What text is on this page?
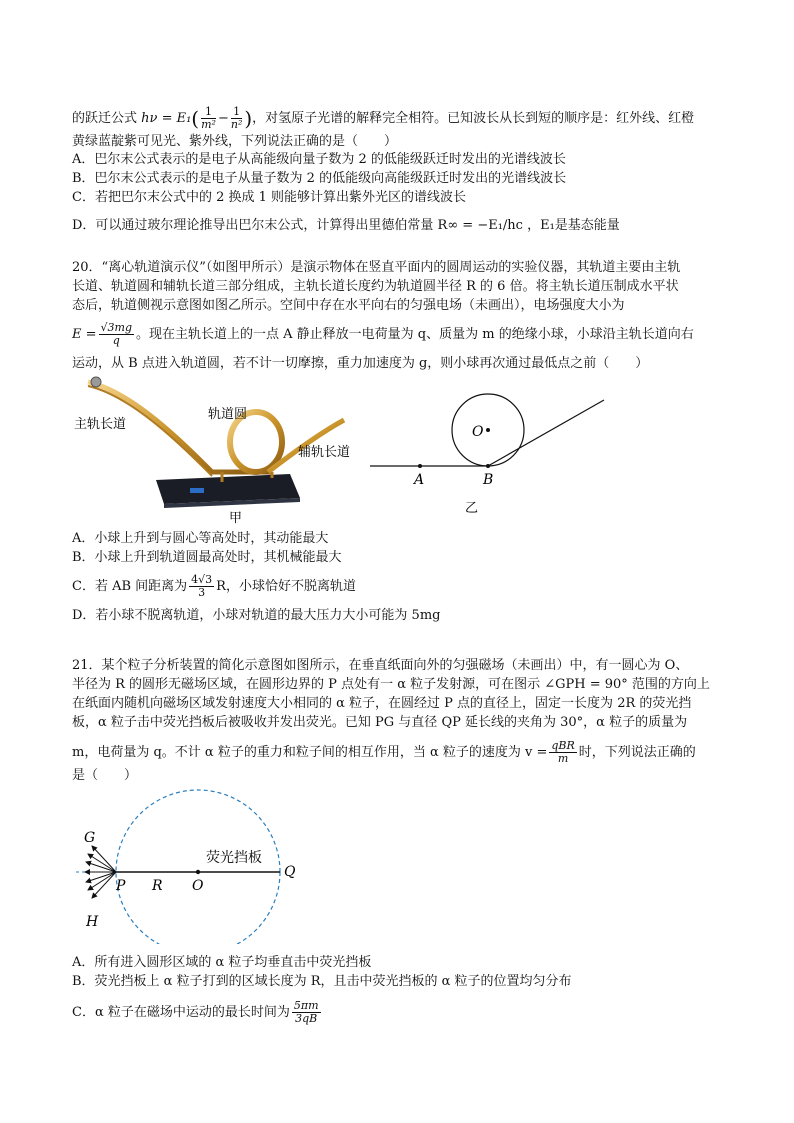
的跃迁公式 $h\nu = E_1( \frac{1}{\text{m²}} - \frac{1}{\text{n²}}$ )，对氢原子光谱的解释完全相符。已知波长从长到短的顺序是：红外线、红橙
黄绿蓝靛紫可见光、紫外线，下列说法正确的是（　　）
A．巴尔末公式表示的是电子从高能级向量子数为 2 的低能级跃迁时发出的光谱线波长
B．巴尔末公式表示的是电子从量子数为 2 的低能级向高能级跃迁时发出的光谱线波长
C．若把巴尔末公式中的 2 换成 1 则能够计算出紫外光区的谱线波长
D．可以通过玻尔理论推导出巴尔末公式，计算得出里德伯常量 R∞ = −E₁/hc ，E₁是基态能量
20．“离心轨道演示仪”（如图甲所示）是演示物体在竖直平面内的圆周运动的实验仪器，其轨道主要由主轨
长道、轨道圆和辅轨长道三部分组成，主轨长道长度约为轨道圆半径 R 的 6 倍。将主轨长道压制成水平状
态后，轨道侧视示意图如图乙所示。空间中存在水平向右的匀强电场（未画出），电场强度大小为
$E = \frac{√3mg}{q}$ 。现在主轨长道上的一点 A 静止释放一电荷量为 q、质量为 m 的绝缘小球，小球沿主轨长道向右
运动，从 B 点进入轨道圆，若不计一切摩擦，重力加速度为 g，则小球再次通过最低点之前（　　）
主轨长道
轨道圆
辅轨长道
甲
O
A	B
乙
A．小球上升到与圆心等高处时，其动能最大
B．小球上升到轨道圆最高处时，其机械能最大
C．若 AB 间距离为 $\frac{4√3}{3}$ R，小球恰好不脱离轨道
D．若小球不脱离轨道，小球对轨道的最大压力大小可能为 5mg
21．某个粒子分析装置的简化示意图如图所示，在垂直纸面向外的匀强磁场（未画出）中，有一圆心为 O、
半径为 R 的圆形无磁场区域，在圆形边界的 P 点处有一 α 粒子发射源，可在图示 ∠GPH = 90° 范围的方向上
在纸面内随机向磁场区域发射速度大小相同的 α 粒子，在圆经过 P 点的直径上，固定一长度为 2R 的荧光挡
板，α 粒子击中荧光挡板后被吸收并发出荧光。已知 PG 与直径 QP 延长线的夹角为 30°，α 粒子的质量为
m，电荷量为 q。不计 α 粒子的重力和粒子间的相互作用，当 α 粒子的速度为 $v = \frac{\text{qBR}}{m}$ 时，下列说法正确的
是（　　）
G
H
P R O
Q
荧光挡板
A．所有进入圆形区域的 α 粒子均垂直击中荧光挡板
B．荧光挡板上 α 粒子打到的区域长度为 R，且击中荧光挡板的 α 粒子的位置均匀分布
C．α 粒子在磁场中运动的最长时间为 $\frac{5\pi m}{3qB}$
